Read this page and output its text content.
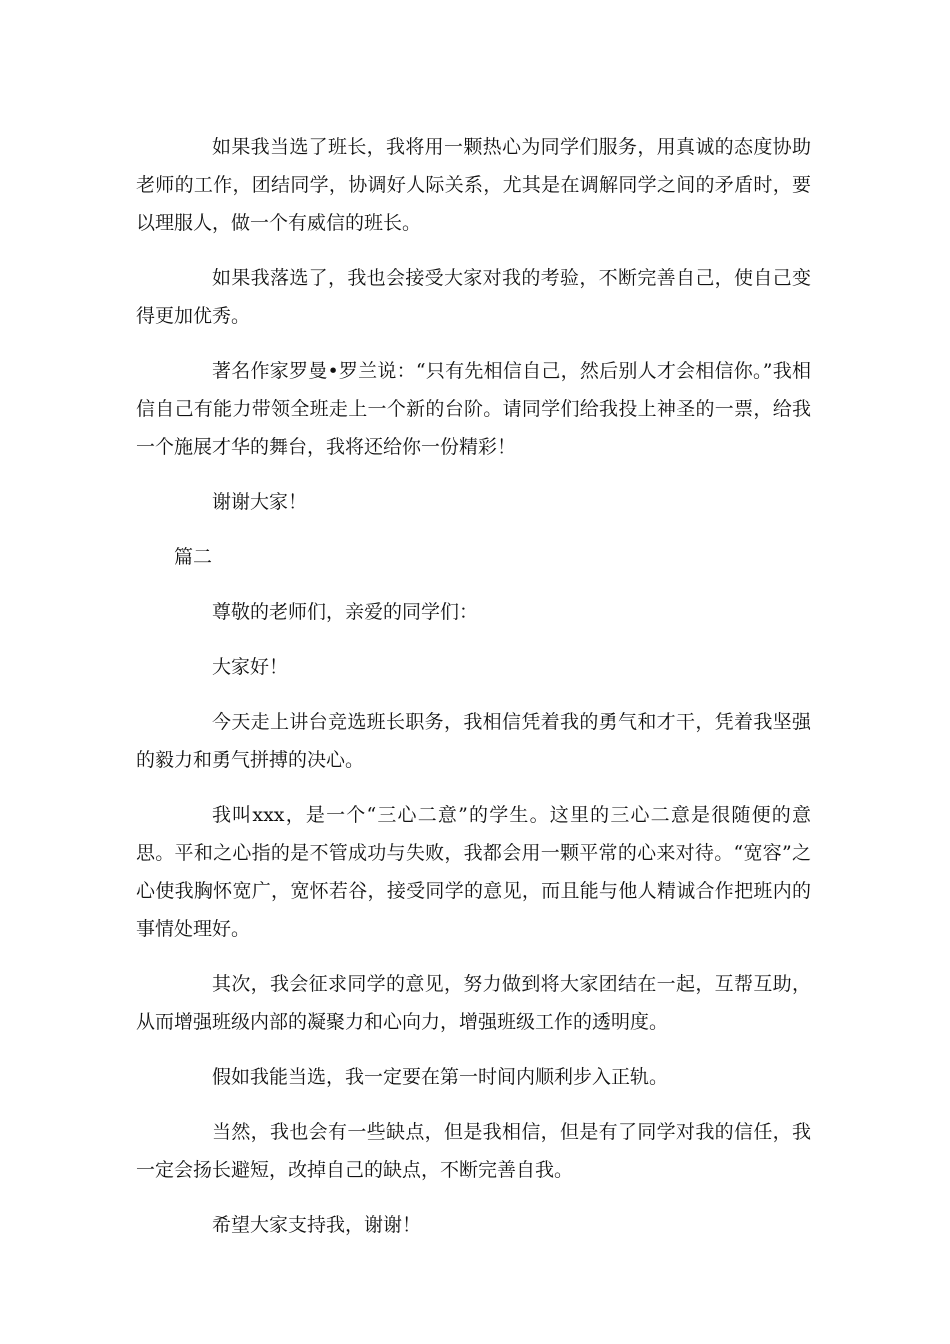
如果我当选了班长，我将用一颗热心为同学们服务，用真诚的态度协助老师的工作，团结同学，协调好人际关系，尤其是在调解同学之间的矛盾时，要以理服人，做一个有威信的班长。

如果我落选了，我也会接受大家对我的考验，不断完善自己，使自己变得更加优秀。

著名作家罗曼•罗兰说：“只有先相信自己，然后别人才会相信你。”我相信自己有能力带领全班走上一个新的台阶。请同学们给我投上神圣的一票，给我一个施展才华的舞台，我将还给你一份精彩！

谢谢大家！

篇二

尊敬的老师们，亲爱的同学们：

大家好！

今天走上讲台竞选班长职务，我相信凭着我的勇气和才干，凭着我坚强的毅力和勇气拼搏的决心。

我叫xxx，是一个“三心二意”的学生。这里的三心二意是很随便的意思。平和之心指的是不管成功与失败，我都会用一颗平常的心来对待。“宽容”之心使我胸怀宽广，宽怀若谷，接受同学的意见，而且能与他人精诚合作把班内的事情处理好。

其次，我会征求同学的意见，努力做到将大家团结在一起，互帮互助，从而增强班级内部的凝聚力和心向力，增强班级工作的透明度。

假如我能当选，我一定要在第一时间内顺利步入正轨。

当然，我也会有一些缺点，但是我相信，但是有了同学对我的信任，我一定会扬长避短，改掉自己的缺点，不断完善自我。

希望大家支持我，谢谢！
